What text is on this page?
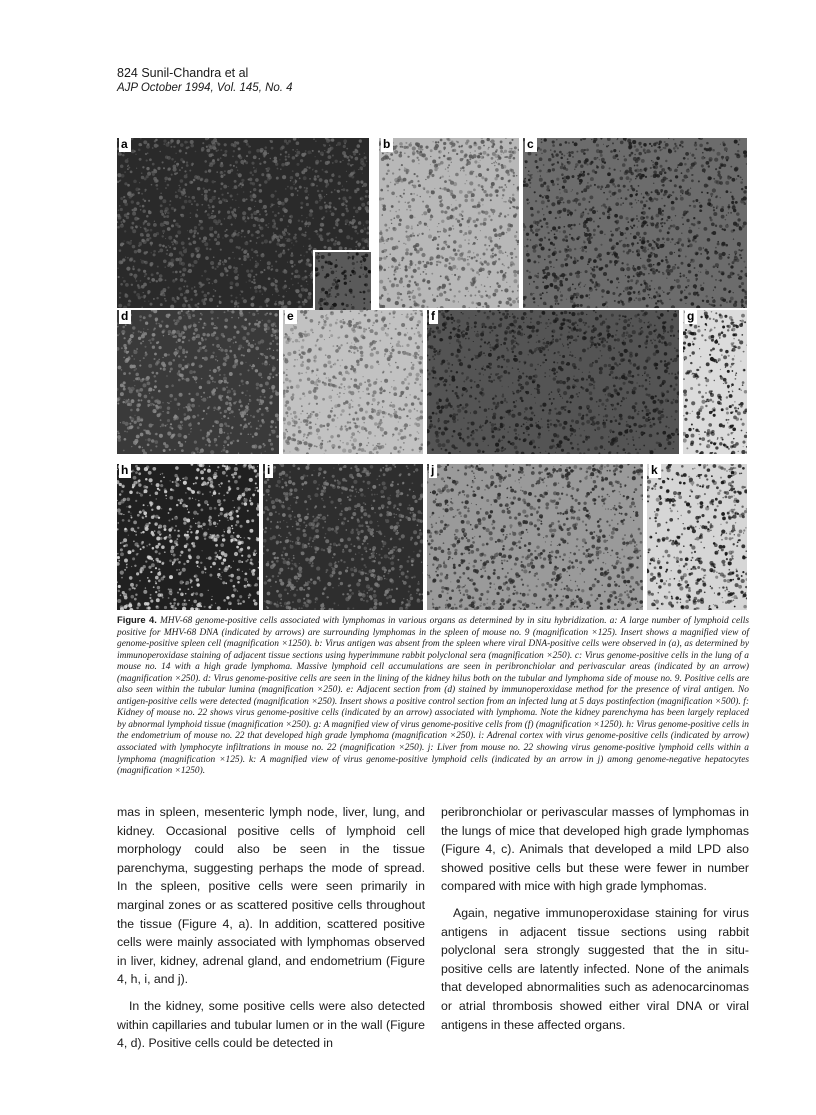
824 Sunil-Chandra et al
AJP October 1994, Vol. 145, No. 4
a	b	c
d	e	f	g
h	i	j	k
Figure 4. MHV-68 genome-positive cells associated with lymphomas in various organs as determined by in situ hybridization. a: A large number of lymphoid cells positive for MHV-68 DNA (indicated by arrows) are surrounding lymphomas in the spleen of mouse no. 9 (magnification ×125). Insert shows a magnified view of genome-positive spleen cell (magnification ×1250). b: Virus antigen was absent from the spleen where viral DNA-positive cells were observed in (a), as determined by immunoperoxidase staining of adjacent tissue sections using hyperimmune rabbit polyclonal sera (magnification ×250). c: Virus genome-positive cells in the lung of a mouse no. 14 with a high grade lymphoma. Massive lymphoid cell accumulations are seen in peribronchiolar and perivascular areas (indicated by an arrow) (magnification ×250). d: Virus genome-positive cells are seen in the lining of the kidney hilus both on the tubular and lymphoma side of mouse no. 9. Positive cells are also seen within the tubular lumina (magnification ×250). e: Adjacent section from (d) stained by immunoperoxidase method for the presence of viral antigen. No antigen-positive cells were detected (magnification ×250). Insert shows a positive control section from an infected lung at 5 days postinfection (magnification ×500). f: Kidney of mouse no. 22 shows virus genome-positive cells (indicated by an arrow) associated with lymphoma. Note the kidney parenchyma has been largely replaced by abnormal lymphoid tissue (magnification ×250). g: A magnified view of virus genome-positive cells from (f) (magnification ×1250). h: Virus genome-positive cells in the endometrium of mouse no. 22 that developed high grade lymphoma (magnification ×250). i: Adrenal cortex with virus genome-positive cells (indicated by arrow) associated with lymphocyte infiltrations in mouse no. 22 (magnification ×250). j: Liver from mouse no. 22 showing virus genome-positive lymphoid cells within a lymphoma (magnification ×125). k: A magnified view of virus genome-positive lymphoid cells (indicated by an arrow in j) among genome-negative hepatocytes (magnification ×1250).

mas in spleen, mesenteric lymph node, liver, lung, and kidney. Occasional positive cells of lymphoid cell morphology could also be seen in the tissue parenchyma, suggesting perhaps the mode of spread. In the spleen, positive cells were seen primarily in marginal zones or as scattered positive cells throughout the tissue (Figure 4, a). In addition, scattered positive cells were mainly associated with lymphomas observed in liver, kidney, adrenal gland, and endometrium (Figure 4, h, i, and j).

In the kidney, some positive cells were also detected within capillaries and tubular lumen or in the wall (Figure 4, d). Positive cells could be detected in

peribronchiolar or perivascular masses of lymphomas in the lungs of mice that developed high grade lymphomas (Figure 4, c). Animals that developed a mild LPD also showed positive cells but these were fewer in number compared with mice with high grade lymphomas.

Again, negative immunoperoxidase staining for virus antigens in adjacent tissue sections using rabbit polyclonal sera strongly suggested that the in situ-positive cells are latently infected. None of the animals that developed abnormalities such as adenocarcinomas or atrial thrombosis showed either viral DNA or viral antigens in these affected organs.
